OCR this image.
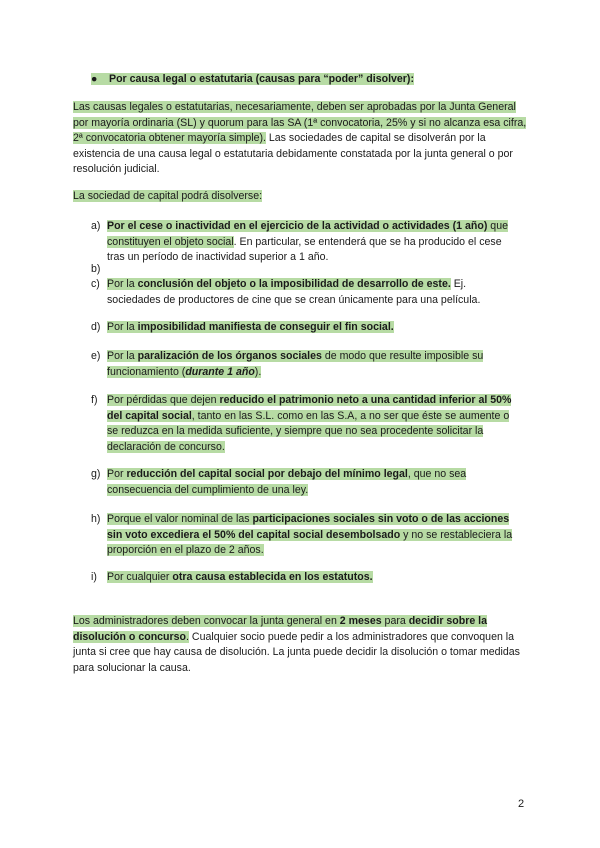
● Por causa legal o estatutaria (causas para “poder” disolver):
Las causas legales o estatutarias, necesariamente, deben ser aprobadas por la Junta General por mayoría ordinaria (SL) y quorum para las SA (1ª convocatoria, 25% y si no alcanza esa cifra, 2ª convocatoria obtener mayoría simple). Las sociedades de capital se disolverán por la existencia de una causa legal o estatutaria debidamente constatada por la junta general o por resolución judicial.
La sociedad de capital podrá disolverse:
a) Por el cese o inactividad en el ejercicio de la actividad o actividades (1 año) que constituyen el objeto social. En particular, se entenderá que se ha producido el cese tras un período de inactividad superior a 1 año.
b)
c) Por la conclusión del objeto o la imposibilidad de desarrollo de este. Ej. sociedades de productores de cine que se crean únicamente para una película.
d) Por la imposibilidad manifiesta de conseguir el fin social.
e) Por la paralización de los órganos sociales de modo que resulte imposible su funcionamiento (durante 1 año).
f) Por pérdidas que dejen reducido el patrimonio neto a una cantidad inferior al 50% del capital social, tanto en las S.L. como en las S.A, a no ser que éste se aumente o se reduzca en la medida suficiente, y siempre que no sea procedente solicitar la declaración de concurso.
g) Por reducción del capital social por debajo del mínimo legal, que no sea consecuencia del cumplimiento de una ley.
h) Porque el valor nominal de las participaciones sociales sin voto o de las acciones sin voto excediera el 50% del capital social desembolsado y no se restableciera la proporción en el plazo de 2 años.
i) Por cualquier otra causa establecida en los estatutos.
Los administradores deben convocar la junta general en 2 meses para decidir sobre la disolución o concurso. Cualquier socio puede pedir a los administradores que convoquen la junta si cree que hay causa de disolución. La junta puede decidir la disolución o tomar medidas para solucionar la causa.
2
